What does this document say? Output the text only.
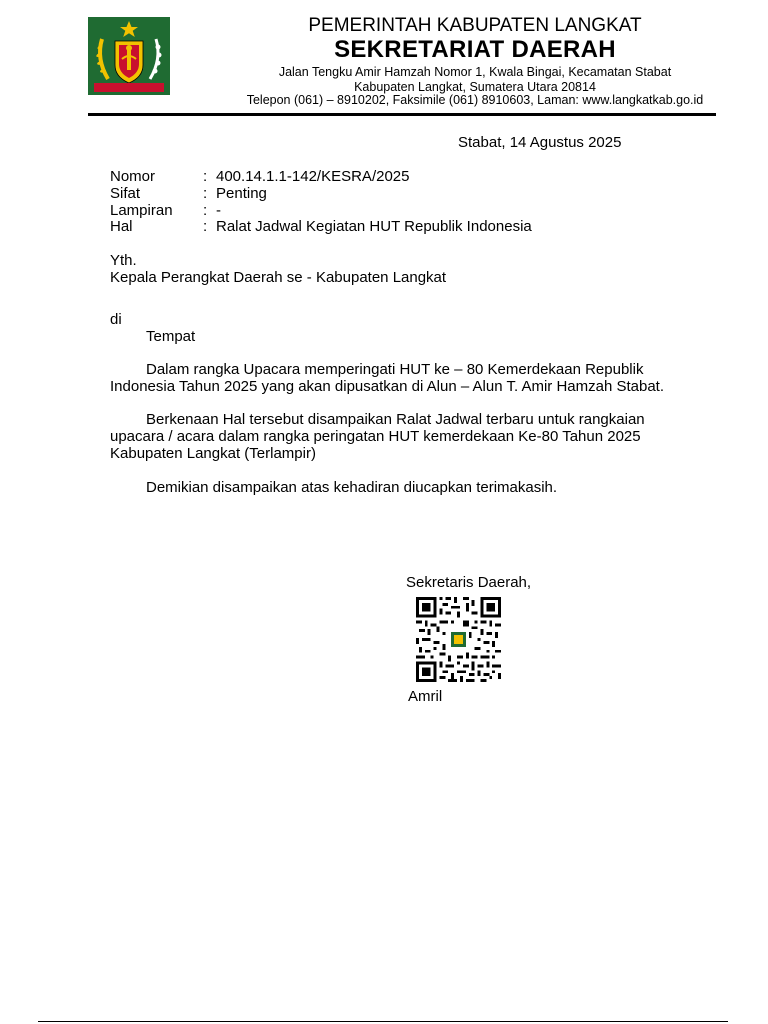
PEMERINTAH KABUPATEN LANGKAT
SEKRETARIAT DAERAH
Jalan Tengku Amir Hamzah Nomor 1, Kwala Bingai, Kecamatan Stabat
Kabupaten Langkat, Sumatera Utara 20814
Telepon (061) – 8910202, Faksimile (061) 8910603, Laman: www.langkatkab.go.id
Stabat, 14 Agustus 2025
Nomor	: 400.14.1.1-142/KESRA/2025
Sifat	: Penting
Lampiran : -
Hal	: Ralat Jadwal Kegiatan HUT Republik Indonesia
Yth.
Kepala Perangkat Daerah se - Kabupaten Langkat
di
Tempat
Dalam rangka Upacara memperingati HUT ke – 80 Kemerdekaan Republik
Indonesia Tahun 2025 yang akan dipusatkan di Alun – Alun T. Amir Hamzah Stabat.
Berkenaan Hal tersebut disampaikan Ralat Jadwal terbaru untuk rangkaian
upacara / acara dalam rangka peringatan HUT kemerdekaan Ke-80 Tahun 2025
Kabupaten Langkat (Terlampir)
Demikian disampaikan atas kehadiran diucapkan terimakasih.
Sekretaris Daerah,
Amril
